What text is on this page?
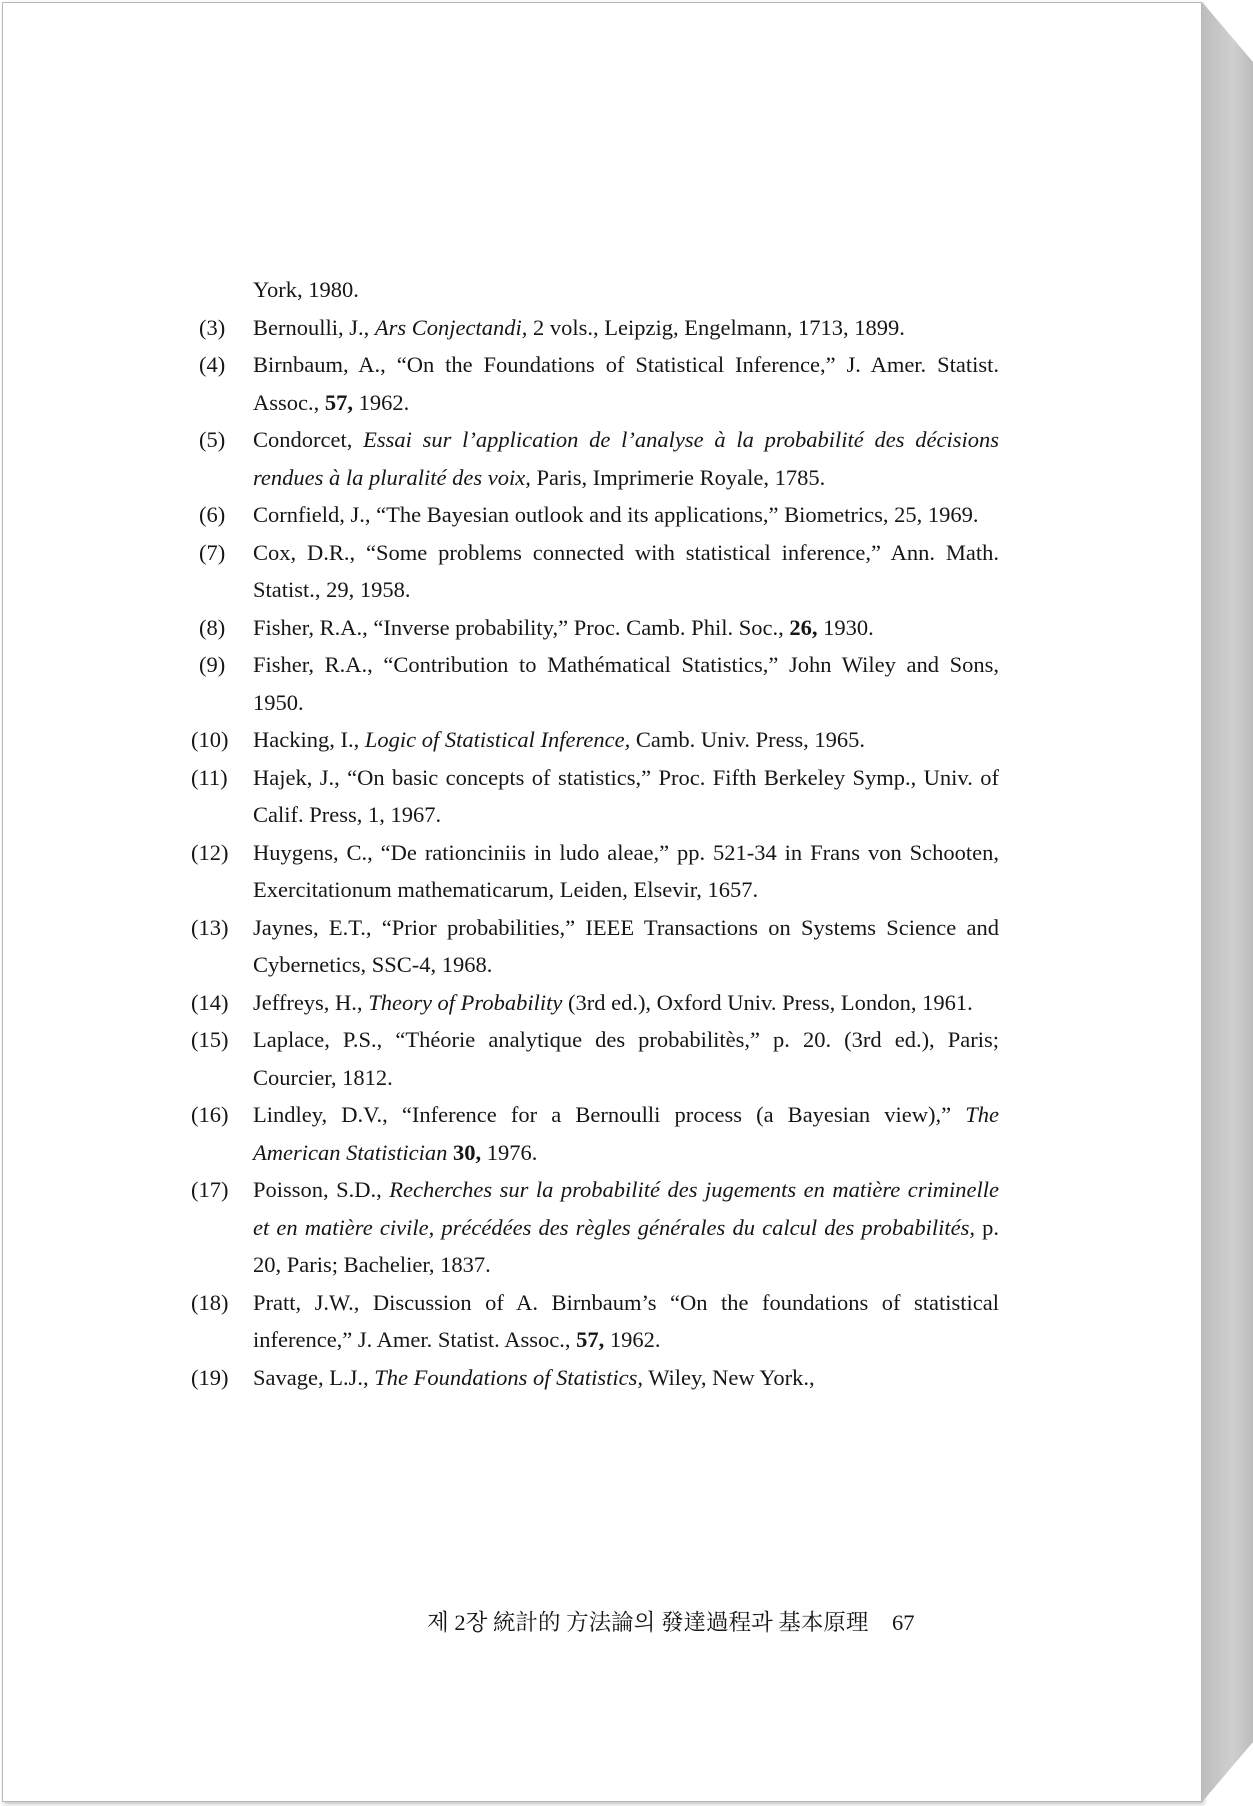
York, 1980.
(3)	Bernoulli, J., Ars Conjectandi, 2 vols., Leipzig, Engelmann, 1713, 1899.
(4)	Birnbaum, A., “On the Foundations of Statistical Inference,” J. Amer. Statist. Assoc., 57, 1962.
(5)	Condorcet, Essai sur l’application de l’analyse à la probabilité des décisions rendues à la pluralité des voix, Paris, Imprimerie Royale, 1785.
(6)	Cornfield, J., “The Bayesian outlook and its applications,” Biometrics, 25, 1969.
(7)	Cox, D.R., “Some problems connected with statistical inference,” Ann. Math. Statist., 29, 1958.
(8)	Fisher, R.A., “Inverse probability,” Proc. Camb. Phil. Soc., 26, 1930.
(9)	Fisher, R.A., “Contribution to Mathématical Statistics,” John Wiley and Sons, 1950.
(10)	Hacking, I., Logic of Statistical Inference, Camb. Univ. Press, 1965.
(11)	Hajek, J., “On basic concepts of statistics,” Proc. Fifth Berkeley Symp., Univ. of Calif. Press, 1, 1967.
(12)	Huygens, C., “De rationciniis in ludo aleae,” pp. 521-34 in Frans von Schooten, Exercitationum mathematicarum, Leiden, Elsevir, 1657.
(13)	Jaynes, E.T., “Prior probabilities,” IEEE Transactions on Systems Science and Cybernetics, SSC-4, 1968.
(14)	Jeffreys, H., Theory of Probability (3rd ed.), Oxford Univ. Press, London, 1961.
(15)	Laplace, P.S., “Théorie analytique des probabilitès,” p. 20. (3rd ed.), Paris; Courcier, 1812.
(16)	Lindley, D.V., “Inference for a Bernoulli process (a Bayesian view),” The American Statistician 30, 1976.
(17)	Poisson, S.D., Recherches sur la probabilité des jugements en matière criminelle et en matière civile, précédées des règles générales du calcul des probabilités, p. 20, Paris; Bachelier, 1837.
(18)	Pratt, J.W., Discussion of A. Birnbaum’s “On the foundations of statistical inference,” J. Amer. Statist. Assoc., 57, 1962.
(19)	Savage, L.J., The Foundations of Statistics, Wiley, New York.,
제 2장 統計的 方法論의 發達過程과 基本原理 67
